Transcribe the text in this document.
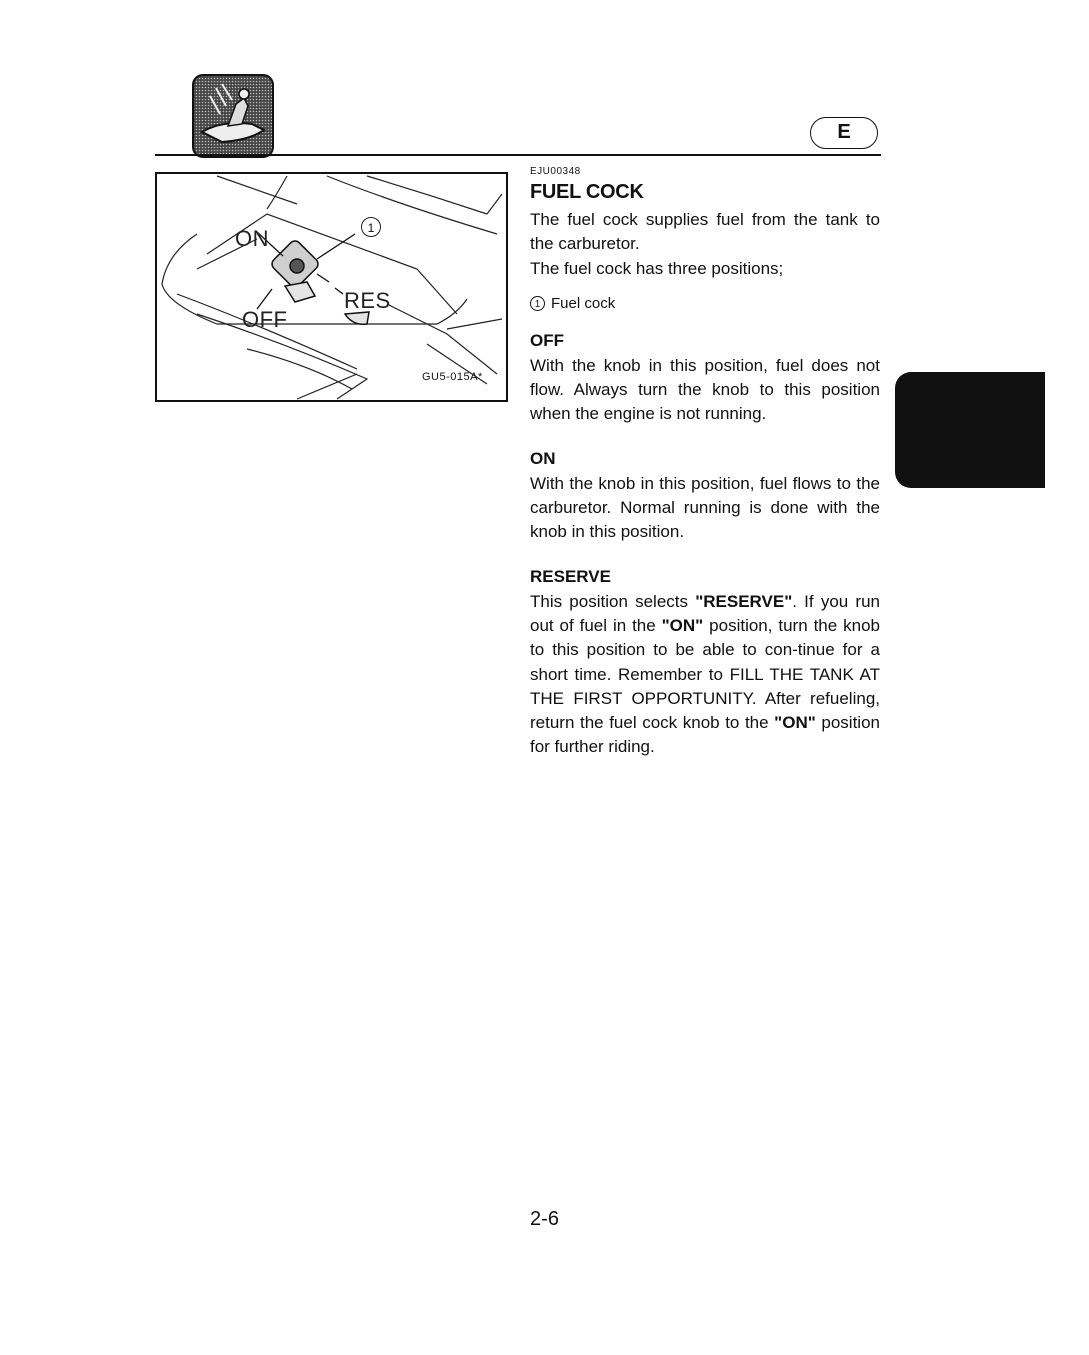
E
ON
OFF
RES
1
GU5-015A*
EJU00348
FUEL COCK

The fuel cock supplies fuel from the tank to the carburetor.

The fuel cock has three positions;

1 Fuel cock
OFF

With the knob in this position, fuel does not flow. Always turn the knob to this position when the engine is not running.

ON

With the knob in this position, fuel flows to the carburetor. Normal running is done with the knob in this position.

RESERVE

This position selects "RESERVE". If you run out of fuel in the "ON" position, turn the knob to this position to be able to con-tinue for a short time. Remember to FILL THE TANK AT THE FIRST OPPORTUNITY. After refueling, return the fuel cock knob to the "ON" position for further riding.

2-6
